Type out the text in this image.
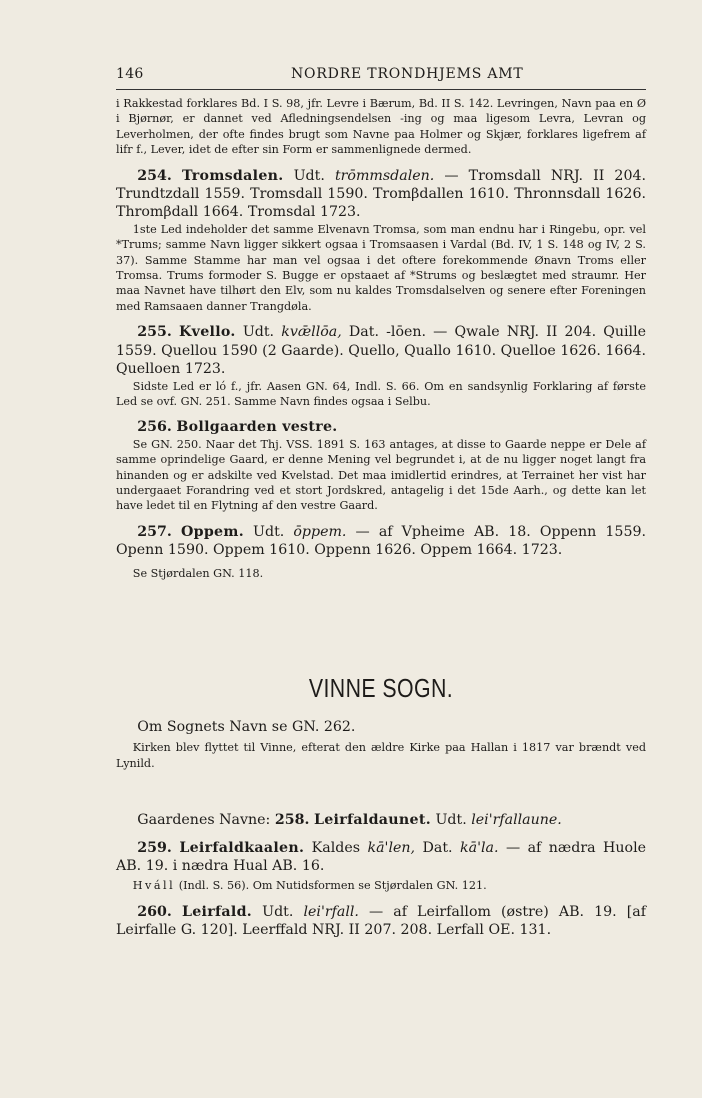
146	NORDRE TRONDHJEMS AMT

i Rakkestad forklares Bd. I S. 98, jfr. Levre i Bærum, Bd. II S. 142. Levringen, Navn paa en Ø i Bjørnør, er dannet ved Afledningsendelsen -ing og maa ligesom Levra, Levran og Leverholmen, der ofte findes brugt som Navne paa Holmer og Skjær, forklares ligefrem af lifr f., Lever, idet de efter sin Form er sammenlignede dermed.

254. Tromsdalen. Udt. trōmmsdalen. — Tromsdall NRJ. II 204. Trundtzdall 1559. Tromsdall 1590. Tromβdallen 1610. Thronnsdall 1626. Thromβdall 1664. Tromsdal 1723.

1ste Led indeholder det samme Elvenavn Tromsa, som man endnu har i Ringebu, opr. vel *Trums; samme Navn ligger sikkert ogsaa i Tromsaasen i Vardal (Bd. IV, 1 S. 148 og IV, 2 S. 37). Samme Stamme har man vel ogsaa i det oftere forekommende Ønavn Troms eller Tromsa. Trums formoder S. Bugge er opstaaet af *Strums og beslægtet med straumr. Her maa Navnet have tilhørt den Elv, som nu kaldes Tromsdalselven og senere efter Foreningen med Ramsaaen danner Trangdøla.

255. Kvello. Udt. kvǣllōa, Dat. -lōen. — Qwale NRJ. II 204. Quille 1559. Quellou 1590 (2 Gaarde). Quello, Quallo 1610. Quelloe 1626. 1664. Quelloen 1723.

Sidste Led er ló f., jfr. Aasen GN. 64, Indl. S. 66. Om en sandsynlig Forklaring af første Led se ovf. GN. 251. Samme Navn findes ogsaa i Selbu.

256. Bollgaarden vestre.

Se GN. 250. Naar det Thj. VSS. 1891 S. 163 antages, at disse to Gaarde neppe er Dele af samme oprindelige Gaard, er denne Mening vel begrundet i, at de nu ligger noget langt fra hinanden og er adskilte ved Kvelstad. Det maa imidlertid erindres, at Terrainet her vist har undergaaet Forandring ved et stort Jordskred, antagelig i det 15de Aarh., og dette kan let have ledet til en Flytning af den vestre Gaard.

257. Oppem. Udt. ōppem. — af Vpheime AB. 18. Oppenn 1559. Openn 1590. Oppem 1610. Oppenn 1626. Oppem 1664. 1723.

Se Stjørdalen GN. 118.

VINNE SOGN.

Om Sognets Navn se GN. 262.

Kirken blev flyttet til Vinne, efterat den ældre Kirke paa Hallan i 1817 var brændt ved Lynild.

Gaardenes Navne: 258. Leirfaldaunet. Udt. lei'rfallaune.

259. Leirfaldkaalen. Kaldes kā'len, Dat. kā'la. — af nædra Huole AB. 19. i nædra Hual AB. 16.

Hváll (Indl. S. 56). Om Nutidsformen se Stjørdalen GN. 121.

260. Leirfald. Udt. lei'rfall. — af Leirfallom (østre) AB. 19. [af Leirfalle G. 120]. Leerffald NRJ. II 207. 208. Lerfall OE. 131.
